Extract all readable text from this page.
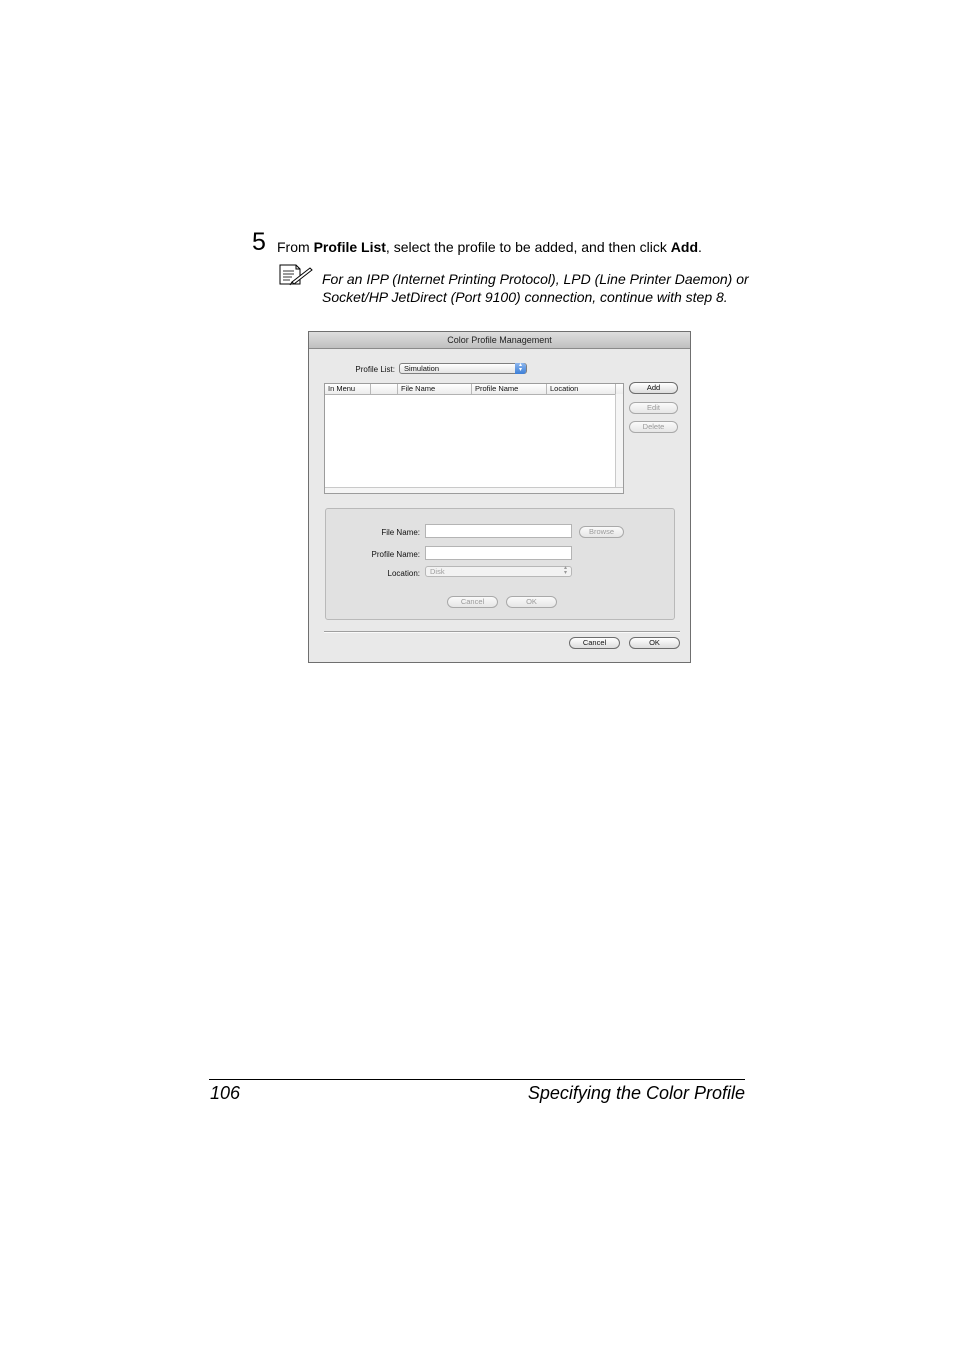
5 From Profile List, select the profile to be added, and then click Add.
For an IPP (Internet Printing Protocol), LPD (Line Printer Daemon) or Socket/HP JetDirect (Port 9100) connection, continue with step 8.
Color Profile Management
Profile List:	Simulation	▴
▾
In Menu	File Name	Profile Name	Location	Add
Edit
Delete
File Name:	Browse
Profile Name:
Location:	Disk	▴
▾
Cancel	OK
Cancel	OK
106	Specifying the Color Profile
